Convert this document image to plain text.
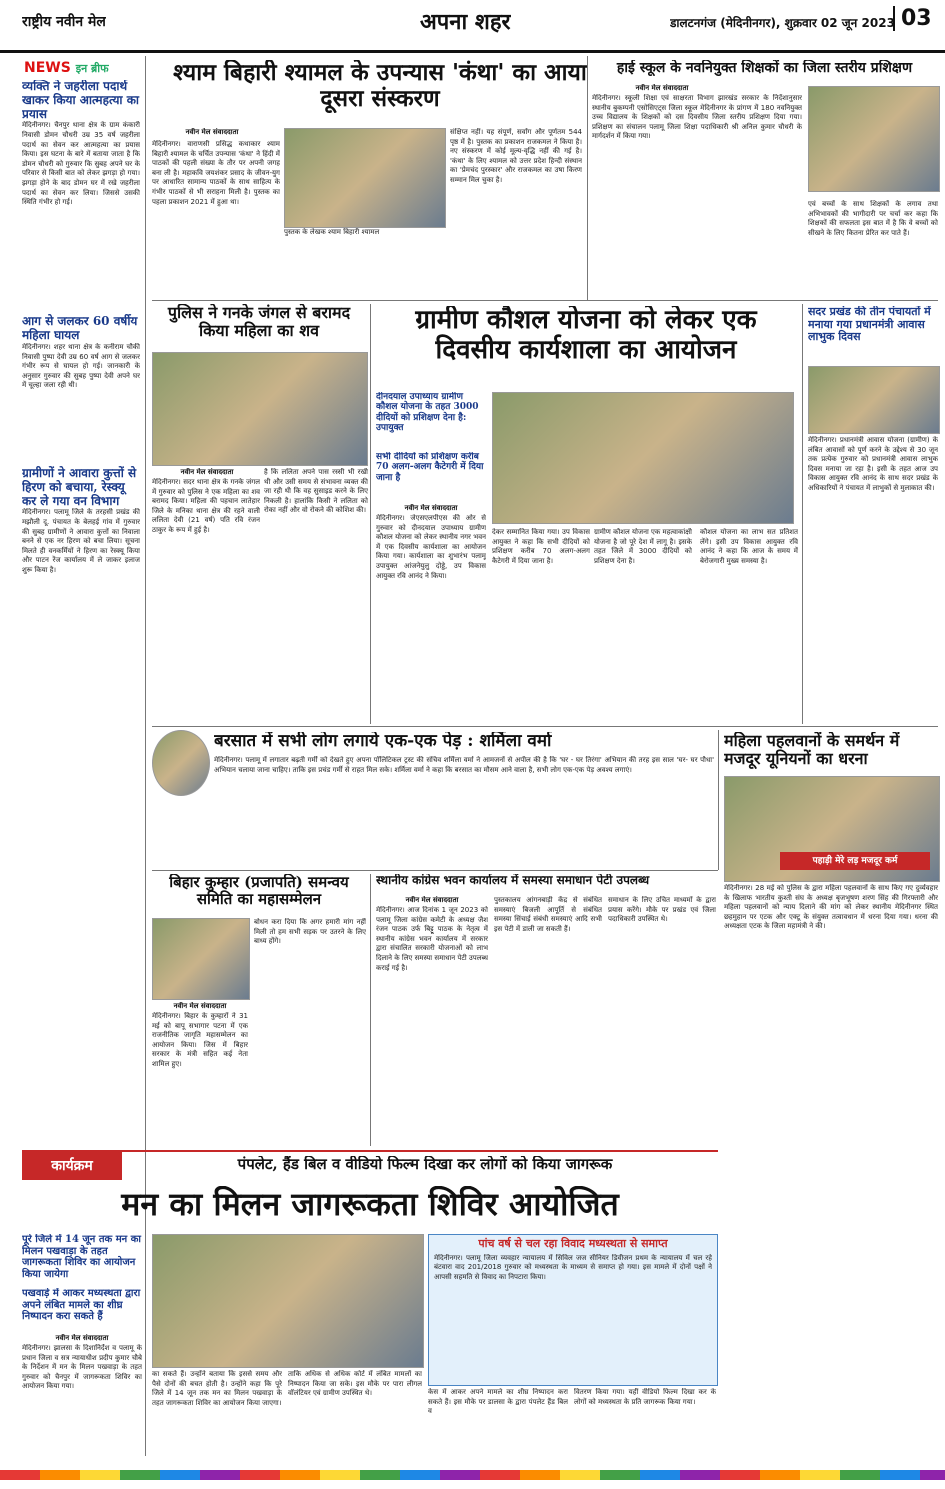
राष्ट्रीय नवीन मेल	अपना शहर	डालटनगंज (मेदिनीनगर), शुक्रवार 02 जून 2023 03
NEWS इन ब्रीफ
व्यक्ति ने जहरीला पदार्थ खाकर किया आत्महत्या का प्रयास
मेदिनीनगर। चैनपुर थाना क्षेत्र के ग्राम कंकारी निवासी डोमन चौधरी उम्र 35 वर्ष जहरीला पदार्थ का सेवन कर आत्महत्या का प्रयास किया। इस घटना के बारे में बताया जाता है कि डोमन चौधरी को गुरुवार कि सुबह अपने घर के परिवार से किसी बात को लेकर झगड़ा हो गया। झगड़ा होने के बाद डोमन घर में रखे जहरीला पदार्थ का सेवन कर लिया। जिससे उसकी स्थिति गंभीर हो गई।
आग से जलकर 60 वर्षीय महिला घायल
मेदिनीनगर। शहर थाना क्षेत्र के कनीराम चौकी निवासी पुष्पा देवी उम्र 60 वर्ष आग से जलकर गंभीर रूप से घायल हो गई। जानकारी के अनुसार गुरुवार की सुबह पुष्पा देवी अपने घर में चूल्हा जला रही थी।
ग्रामीणों ने आवारा कुत्तों से हिरण को बचाया, रेस्क्यू कर ले गया वन विभाग
मेदिनीनगर। पलामू जिले के तरहसी प्रखंड की मझौली दू. पंचायत के बेलहई गांव में गुरुवार की सुबह ग्रामीणों ने आवारा कुत्तों का निवाला बनने से एक नर हिरण को बचा लिया। सूचना मिलते ही वनकर्मियों ने हिरण का रेस्क्यू किया और पाटन रेंज कार्यालय में ले जाकर इलाज शुरू किया है।
श्याम बिहारी श्यामल के उपन्यास 'कंथा' का आया दूसरा संस्करण
नवीन मेल संवाददाता
मेदिनीनगर। वाराणसी प्रसिद्ध कथाकार श्याम बिहारी श्यामल के चर्चित उपन्यास 'कंथा' ने हिंदी में पाठकों की पहली संख्या के तौर पर अपनी जगह बना ली है। महाकवि जयशंकर प्रसाद के जीवन-युग पर आधारित सामान्य पाठकों के साथ साहित्य के गंभीर पाठकों से भी सराहना मिली है। पुस्तक का पहला प्रकाशन 2021 में हुआ था।
पुस्तक के लेखक श्याम बिहारी श्यामल
संक्षिप्त नहीं। यह संपूर्ण, सर्वांग और पूर्णतम 544 पृष्ठ में है। पुस्तक का प्रकाशन राजकमल ने किया है। नए संस्करण में कोई मूल्य-वृद्धि नहीं की गई है। 'कंथा' के लिए श्यामल को उत्तर प्रदेश हिन्दी संस्थान का 'प्रेमचंद पुरस्कार' और राजकमल का उषा किरण सम्मान मिल चुका है।
हाई स्कूल के नवनियुक्त शिक्षकों का जिला स्तरीय प्रशिक्षण
नवीन मेल संवाददाता
मेदिनीनगर। स्कूली शिक्षा एवं साक्षरता विभाग झारखंड सरकार के निर्देशानुसार स्थानीय बुकम्पनी एसोसिएट्स जिला स्कूल मेदिनीनगर के प्रांगण में 180 नवनियुक्त उच्च विद्यालय के शिक्षकों को दस दिवसीय जिला स्तरीय प्रशिक्षण दिया गया। प्रशिक्षण का संचालन पलामू जिला शिक्षा पदाधिकारी श्री अनिल कुमार चौधरी के मार्गदर्शन में किया गया।
एवं बच्चों के साथ शिक्षकों के लगाव तथा अभिभावकों की भागीदारी पर चर्चा कर कहा कि शिक्षकों की सफलता इस बात में है कि वे बच्चों को सीखने के लिए कितना प्रेरित कर पाते हैं।
पुलिस ने गनके जंगल से बरामद किया महिला का शव
नवीन मेल संवाददाता
मेदिनीनगर। सदर थाना क्षेत्र के गनके जंगल में गुरुवार को पुलिस ने एक महिला का शव बरामद किया। महिला की पहचान लातेहार जिले के मनिका थाना क्षेत्र की रहने वाली ललिता देवी (21 वर्ष) पति रवि रंजन ठाकुर के रूप में हुई है।
है कि ललिता अपने पास रस्सी भी रखी थी और उसी समय से संभावना व्यक्त की जा रही थी कि वह सुसाइड करने के लिए निकली है। हालांकि किसी ने ललिता को रोका नहीं और वो रोकने की कोशिश की।
ग्रामीण कौशल योजना को लेकर एक दिवसीय कार्यशाला का आयोजन
दीनदयाल उपाध्याय ग्रामीण कौशल योजना के तहत 3000 दीदियों को प्रशिक्षण देना है: उपायुक्त
सभी दीदियों को प्रशिक्षण करीब 70 अलग-अलग कैटेगरी में दिया जाना है
नवीन मेल संवाददाता
मेदिनीनगर। जेएसएलपीएस की ओर से गुरुवार को दीनदयाल उपाध्याय ग्रामीण कौशल योजना को लेकर स्थानीय नगर भवन में एक दिवसीय कार्यशाला का आयोजन किया गया। कार्यशाला का शुभारंभ पलामू उपायुक्त आंजनेयुलु दोड्डे, उप विकास आयुक्त रवि आनंद ने किया।
देकर सम्मानित किया गया। उप विकास आयुक्त ने कहा कि सभी दीदियों को प्रशिक्षण करीब 70 अलग-अलग कैटेगरी में दिया जाना है।
ग्रामीण कौशल योजना एक महत्वाकांक्षी योजना है जो पूरे देश में लागू है। इसके तहत जिले में 3000 दीदियों को प्रशिक्षण देना है।
कौशल योजना का लाभ सत प्रतिशत लेंगे। इसी उप विकास आयुक्त रवि आनंद ने कहा कि आज के समय में बेरोजगारी मुख्य समस्या है।
सदर प्रखंड की तीन पंचायतों में मनाया गया प्रधानमंत्री आवास लाभुक दिवस
मेदिनीनगर। प्रधानमंत्री आवास योजना (ग्रामीण) के लंबित आवासों को पूर्ण करने के उद्देश्य से 30 जून तक प्रत्येक गुरुवार को प्रधानमंत्री आवास लाभुक दिवस मनाया जा रहा है। इसी के तहत आज उप विकास आयुक्त रवि आनंद के साथ सदर प्रखंड के अधिकारियों ने पंचायत में लाभुकों से मुलाकात की।
बरसात में सभी लोग लगाये एक-एक पेड़ : शर्मिला वर्मा
मेदिनीनगर। पलामू में लगातार बढ़ती गर्मी को देखते हुए अपना पॉलिटिकल ट्रस्ट की संचिव शर्मिला वर्मा ने आमजनों से अपील की है कि 'घर - घर तिरंगा' अभियान की तरह इस साल 'घर- घर पौधा' अभियान चलाया जाना चाहिए। ताकि इस प्रचंड गर्मी से राहत मिल सके। शर्मिला वर्मा ने कहा कि बरसात का मौसम आने वाला है, सभी लोग एक-एक पेड़ अवश्य लगाएं।
महिला पहलवानों के समर्थन में मजदूर यूनियनों का धरना
पहाड़ी मेरे लड़ मजदूर कर्म
मेदिनीनगर। 28 मई को पुलिस के द्वारा महिला पहलवानों के साथ किए गए दुर्व्यवहार के खिलाफ भारतीय कुश्ती संघ के अध्यक्ष बृजभूषण शरण सिंह की गिरफ्तारी और महिला पहलवानों को न्याय दिलाने की मांग को लेकर स्थानीय मेदिनीनगर स्थित छहमुहान पर एटक और एक्टू के संयुक्त तत्वावधान में धरना दिया गया। धरना की अध्यक्षता एटक के जिला महामंत्री ने की।
बिहार कुम्हार (प्रजापति) समन्वय समिति का महासम्मेलन
नवीन मेल संवाददाता
मेदिनीनगर। बिहार के कुम्हारों ने 31 मई को बापू सभागार पटना में एक राजनीतिक जागृति महासम्मेलन का आयोजन किया। जिस में बिहार सरकार के मंत्री सहित कई नेता शामिल हुए।
बोधन करा दिया कि अगर हमारी मांग नहीं मिली तो हम सभी सड़क पर उतरने के लिए बाध्य होंगे।
स्थानीय कांग्रेस भवन कार्यालय में समस्या समाधान पेटी उपलब्ध
नवीन मेल संवाददाता
मेदिनीनगर। आज दिनांक 1 जून 2023 को पलामू जिला कांग्रेस कमेटी के अध्यक्ष जैश रंजन पाठक उर्फ बिट्टू पाठक के नेतृत्व में स्थानीय कांग्रेस भवन कार्यालय में सरकार द्वारा संचालित सरकारी योजनाओं को लाभ दिलाने के लिए समस्या समाधान पेटी उपलब्ध कराई गई है।
पुस्तकालय आंगनबाड़ी केंद्र से संबंधित समस्याएं बिजली आपूर्ति से संबंधित समस्या सिंचाई संबंधी समस्याएं आदि सभी इस पेटी में डाली जा सकती हैं।
समाधान के लिए उचित माध्यमों के द्वारा प्रयास करेंगे। मौके पर प्रखंड एवं जिला पदाधिकारी उपस्थित थे।
कार्यक्रम	पंपलेट, हैंड बिल व वीडियो फिल्म दिखा कर लोगों को किया जागरूक
मन का मिलन जागरूकता शिविर आयोजित
पूरे जिले में 14 जून तक मन का मिलन पखवाड़ा के तहत जागरूकता शिविर का आयोजन किया जायेगा
पखवाड़े में आकर मध्यस्थता द्वारा अपने लंबित मामले का शीघ्र निष्पादन करा सकते हैं
नवीन मेल संवाददाता
मेदिनीनगर। झालसा के दिशानिर्देश व पलामू के प्रधान जिला व सत्र न्यायाधीश प्रदीप कुमार चौबे के निर्देशन में मन के मिलन पखवाड़ा के तहत गुरुवार को चैनपुर में जागरूकता शिविर का आयोजन किया गया।
का सकते हैं। उन्होंने बताया कि इससे समय और पैसे दोनों की बचत होती है। उन्होंने कहा कि पूरे जिले में 14 जून तक मन का मिलन पखवाड़ा के तहत जागरूकता शिविर का आयोजन किया जाएगा।
ताकि अधिक से अधिक कोर्ट में लंबित मामलों का निष्पादन किया जा सके। इस मौके पर पारा लीगल वॉलंटियर एवं ग्रामीण उपस्थित थे।
पांच वर्ष से चल रहा विवाद मध्यस्थता से समाप्त
मेदिनीनगर। पलामू जिला व्यवहार न्यायालय में सिविल जज सीनियर डिवीजन प्रथम के न्यायालय में चल रहे बंटवारा वाद 201/2018 गुरुवार को मध्यस्थता के माध्यम से समाप्त हो गया। इस मामले में दोनों पक्षों ने आपसी सहमति से विवाद का निपटारा किया।
केस में आकर अपने मामले का शीघ्र निष्पादन करा सकते हैं। इस मौके पर डालसा के द्वारा पंपलेट हैंड बिल व
वितरण किया गया। यहीं वीडियो फिल्म दिखा कर के लोगों को मध्यस्थता के प्रति जागरूक किया गया।
